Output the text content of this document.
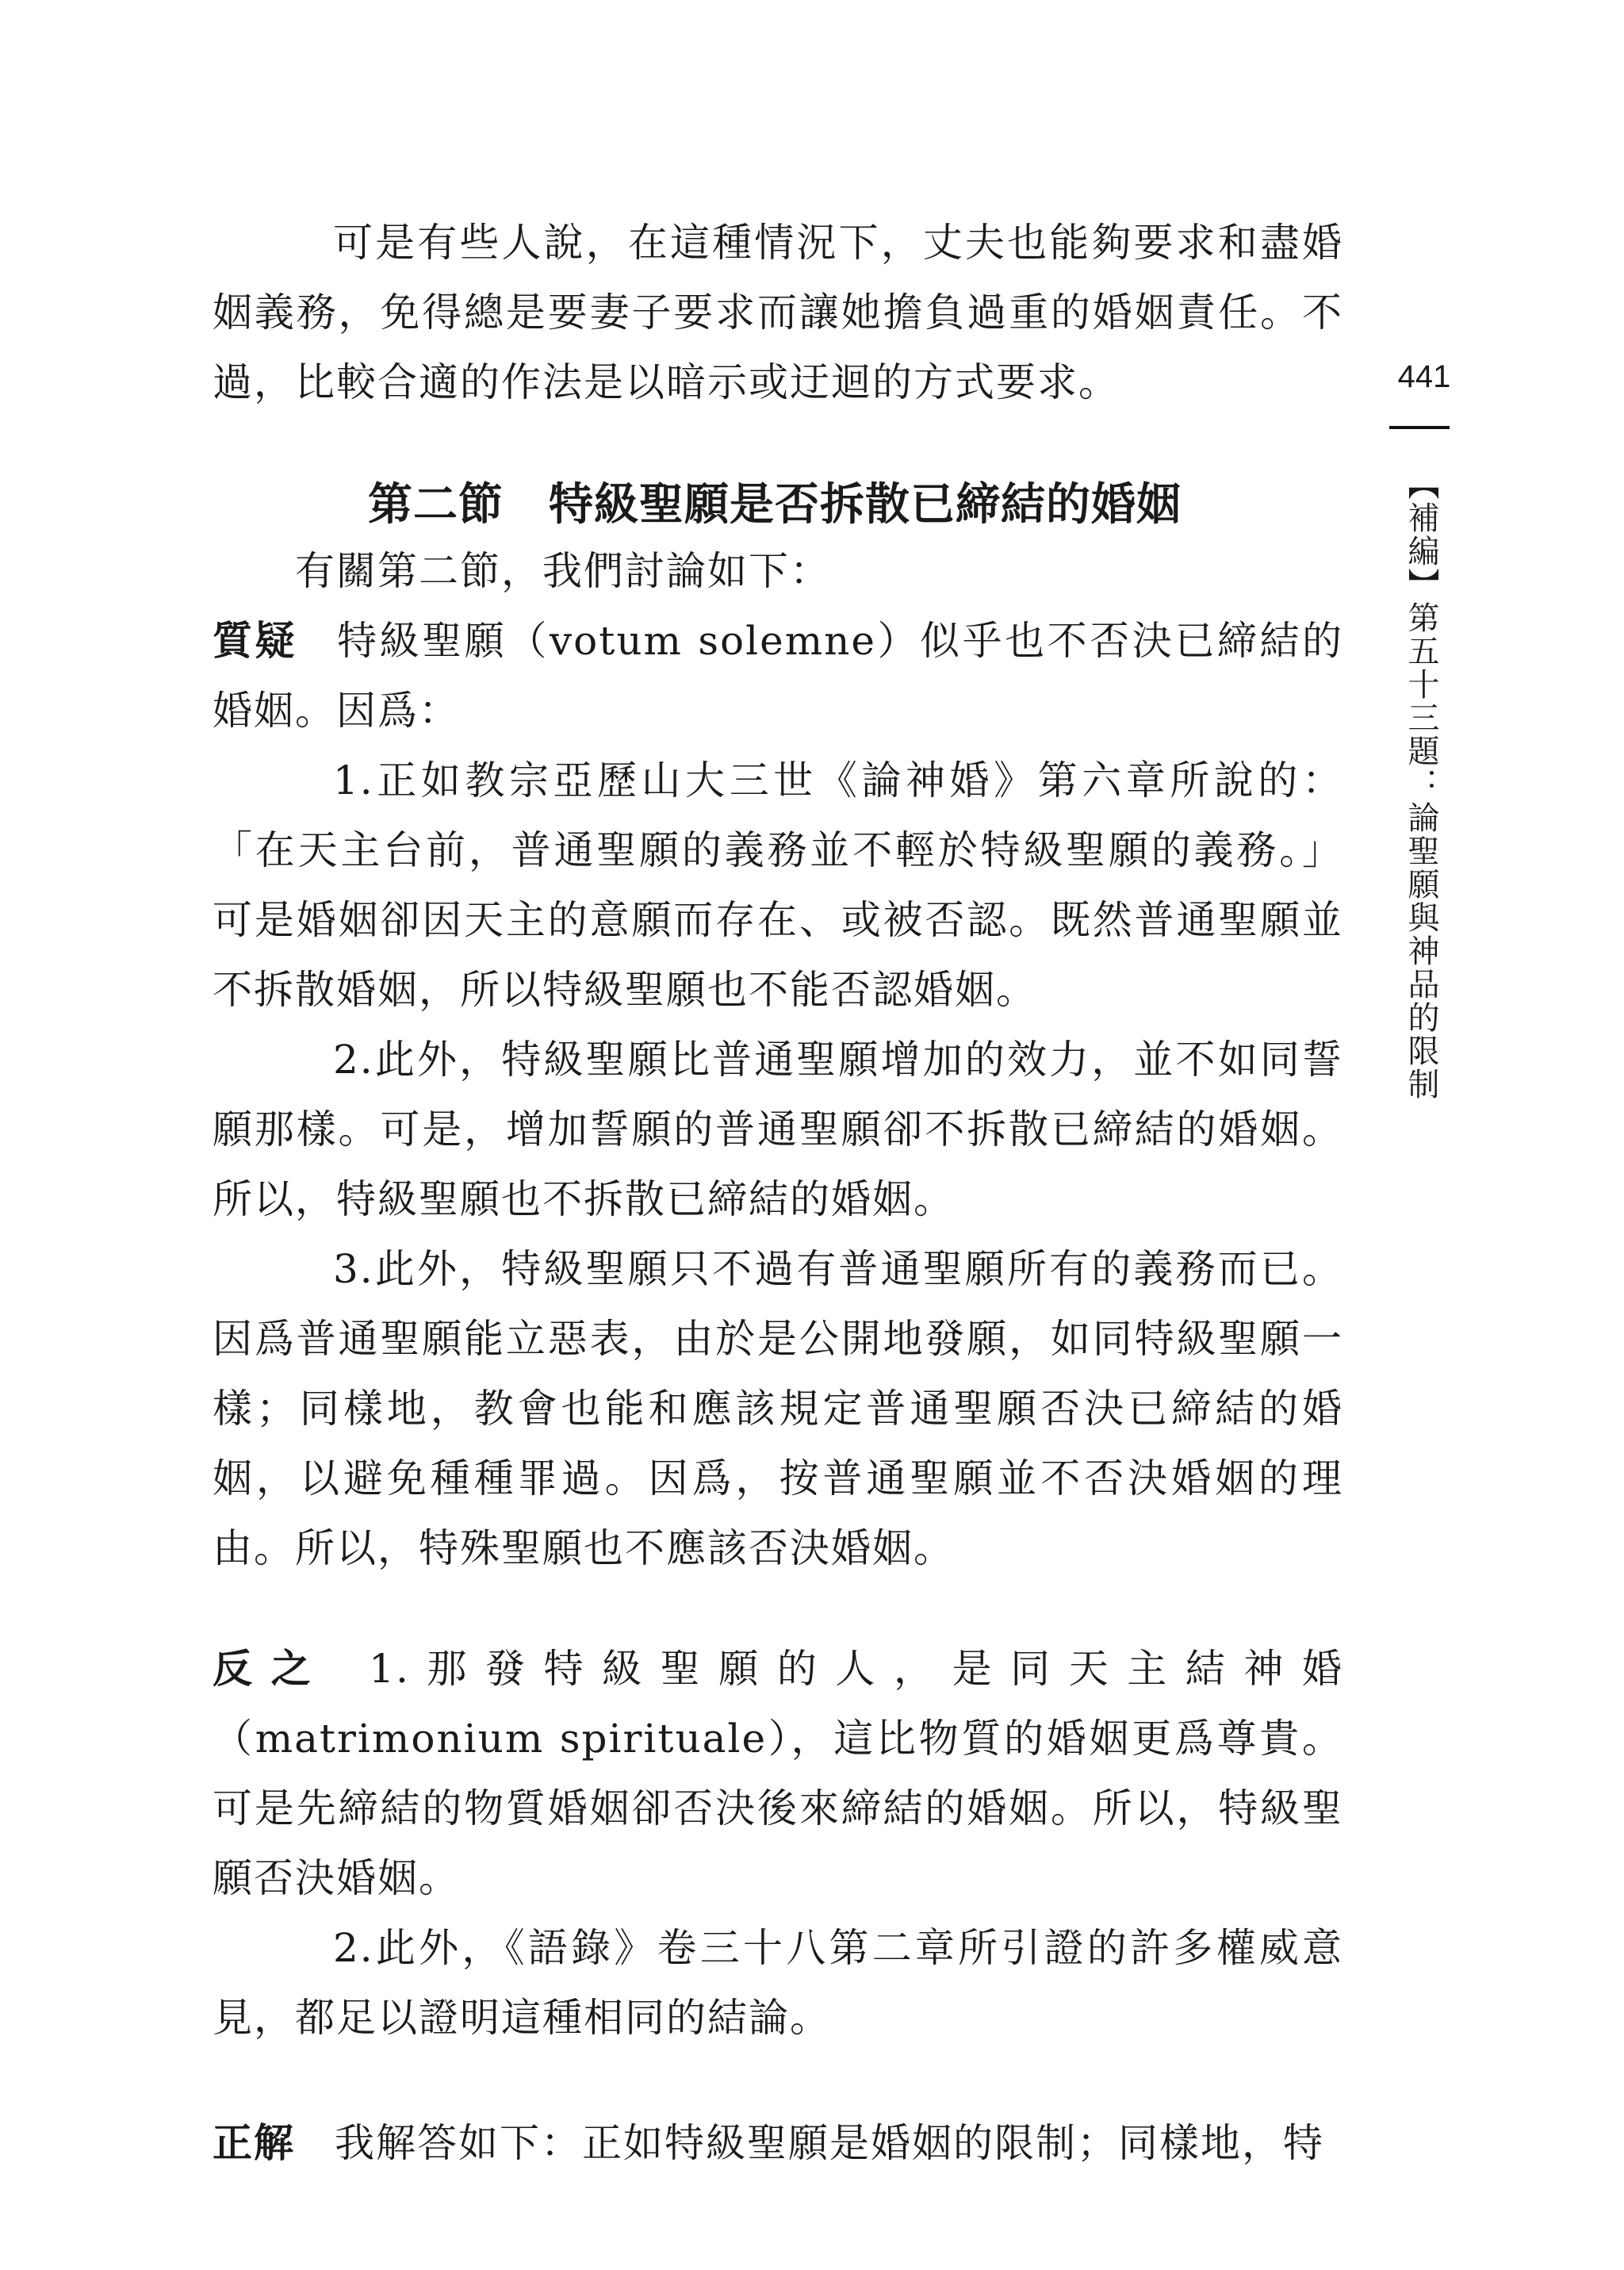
441
【補編】第五十三題：論聖願與神品的限制

可是有些人說，在這種情況下，丈夫也能夠要求和盡婚姻義務，免得總是要妻子要求而讓她擔負過重的婚姻責任。不過，比較合適的作法是以暗示或迂迴的方式要求。

第二節　特級聖願是否拆散已締結的婚姻

有關第二節，我們討論如下：

質疑 特級聖願（votum solemne）似乎也不否決已締結的婚姻。因爲：

1.正如教宗亞歷山大三世《論神婚》第六章所說的：「在天主台前，普通聖願的義務並不輕於特級聖願的義務。」可是婚姻卻因天主的意願而存在、或被否認。既然普通聖願並不拆散婚姻，所以特級聖願也不能否認婚姻。

2.此外，特級聖願比普通聖願增加的效力，並不如同誓願那樣。可是，增加誓願的普通聖願卻不拆散已締結的婚姻。所以，特級聖願也不拆散已締結的婚姻。

3.此外，特級聖願只不過有普通聖願所有的義務而已。因爲普通聖願能立惡表，由於是公開地發願，如同特級聖願一樣；同樣地，教會也能和應該規定普通聖願否決已締結的婚姻，以避免種種罪過。因爲，按普通聖願並不否決婚姻的理由。所以，特殊聖願也不應該否決婚姻。

反之 1.那發特級聖願的人，是同天主結神婚（matrimonium spirituale），這比物質的婚姻更爲尊貴。可是先締結的物質婚姻卻否決後來締結的婚姻。所以，特級聖願否決婚姻。

2.此外，《語錄》卷三十八第二章所引證的許多權威意見，都足以證明這種相同的結論。

正解 我解答如下：正如特級聖願是婚姻的限制；同樣地，特
